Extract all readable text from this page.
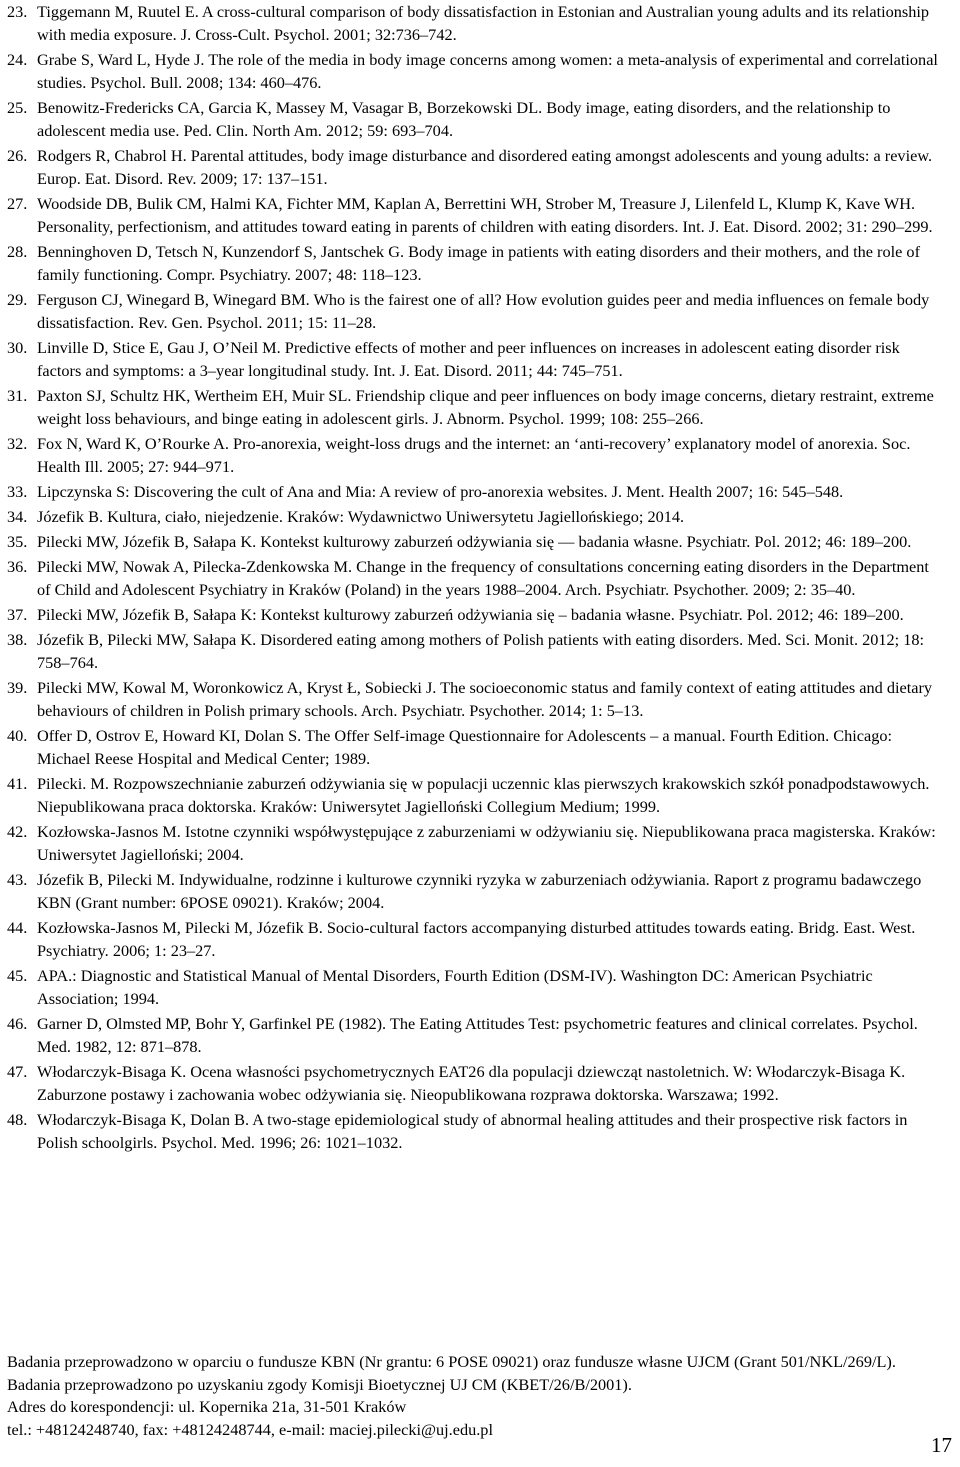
23. Tiggemann M, Ruutel E. A cross-cultural comparison of body dissatisfaction in Estonian and Australian young adults and its relationship with media exposure. J. Cross-Cult. Psychol. 2001; 32:736–742.
24. Grabe S, Ward L, Hyde J. The role of the media in body image concerns among women: a meta-analysis of experimental and correlational studies. Psychol. Bull. 2008; 134: 460–476.
25. Benowitz-Fredericks CA, Garcia K, Massey M, Vasagar B, Borzekowski DL. Body image, eating disorders, and the relationship to adolescent media use. Ped. Clin. North Am. 2012; 59: 693–704.
26. Rodgers R, Chabrol H. Parental attitudes, body image disturbance and disordered eating amongst adolescents and young adults: a review. Europ. Eat. Disord. Rev. 2009; 17: 137–151.
27. Woodside DB, Bulik CM, Halmi KA, Fichter MM, Kaplan A, Berrettini WH, Strober M, Treasure J, Lilenfeld L, Klump K, Kave WH. Personality, perfectionism, and attitudes toward eating in parents of children with eating disorders. Int. J. Eat. Disord. 2002; 31: 290–299.
28. Benninghoven D, Tetsch N, Kunzendorf S, Jantschek G. Body image in patients with eating disorders and their mothers, and the role of family functioning. Compr. Psychiatry. 2007; 48: 118–123.
29. Ferguson CJ, Winegard B, Winegard BM. Who is the fairest one of all? How evolution guides peer and media influences on female body dissatisfaction. Rev. Gen. Psychol. 2011; 15: 11–28.
30. Linville D, Stice E, Gau J, O’Neil M. Predictive effects of mother and peer influences on increases in adolescent eating disorder risk factors and symptoms: a 3–year longitudinal study. Int. J. Eat. Disord. 2011; 44: 745–751.
31. Paxton SJ, Schultz HK, Wertheim EH, Muir SL. Friendship clique and peer influences on body image concerns, dietary restraint, extreme weight loss behaviours, and binge eating in adolescent girls. J. Abnorm. Psychol. 1999; 108: 255–266.
32. Fox N, Ward K, O’Rourke A. Pro-anorexia, weight-loss drugs and the internet: an ‘anti-recovery’ explanatory model of anorexia. Soc. Health Ill. 2005; 27: 944–971.
33. Lipczynska S: Discovering the cult of Ana and Mia: A review of pro-anorexia websites. J. Ment. Health 2007; 16: 545–548.
34. Józefik B. Kultura, ciało, niejedzenie. Kraków: Wydawnictwo Uniwersytetu Jagiellońskiego; 2014.
35. Pilecki MW, Józefik B, Sałapa K. Kontekst kulturowy zaburzeń odżywiania się — badania własne. Psychiatr. Pol. 2012; 46: 189–200.
36. Pilecki MW, Nowak A, Pilecka-Zdenkowska M. Change in the frequency of consultations concerning eating disorders in the Department of Child and Adolescent Psychiatry in Kraków (Poland) in the years 1988–2004. Arch. Psychiatr. Psychother. 2009; 2: 35–40.
37. Pilecki MW, Józefik B, Sałapa K: Kontekst kulturowy zaburzeń odżywiania się – badania własne. Psychiatr. Pol. 2012; 46: 189–200.
38. Józefik B, Pilecki MW, Sałapa K. Disordered eating among mothers of Polish patients with eating disorders. Med. Sci. Monit. 2012; 18: 758–764.
39. Pilecki MW, Kowal M, Woronkowicz A, Kryst Ł, Sobiecki J. The socioeconomic status and family context of eating attitudes and dietary behaviours of children in Polish primary schools. Arch. Psychiatr. Psychother. 2014; 1: 5–13.
40. Offer D, Ostrov E, Howard KI, Dolan S. The Offer Self-image Questionnaire for Adolescents – a manual. Fourth Edition. Chicago: Michael Reese Hospital and Medical Center; 1989.
41. Pilecki. M. Rozpowszechnianie zaburzeń odżywiania się w populacji uczennic klas pierwszych krakowskich szkół ponadpodstawowych. Niepublikowana praca doktorska. Kraków: Uniwersytet Jagielloński Collegium Medium; 1999.
42. Kozłowska-Jasnos M. Istotne czynniki współwystępujące z zaburzeniami w odżywianiu się. Niepublikowana praca magisterska. Kraków: Uniwersytet Jagielloński; 2004.
43. Józefik B, Pilecki M. Indywidualne, rodzinne i kulturowe czynniki ryzyka w zaburzeniach odżywiania. Raport z programu badawczego KBN (Grant number: 6POSE 09021). Kraków; 2004.
44. Kozłowska-Jasnos M, Pilecki M, Józefik B. Socio-cultural factors accompanying disturbed attitudes towards eating. Bridg. East. West. Psychiatry. 2006; 1: 23–27.
45. APA.: Diagnostic and Statistical Manual of Mental Disorders, Fourth Edition (DSM-IV). Washington DC: American Psychiatric Association; 1994.
46. Garner D, Olmsted MP, Bohr Y, Garfinkel PE (1982). The Eating Attitudes Test: psychometric features and clinical correlates. Psychol. Med. 1982, 12: 871–878.
47. Włodarczyk-Bisaga K. Ocena własności psychometrycznych EAT26 dla populacji dziewcząt nastoletnich. W: Włodarczyk-Bisaga K. Zaburzone postawy i zachowania wobec odżywiania się. Nieopublikowana rozprawa doktorska. Warszawa; 1992.
48. Włodarczyk-Bisaga K, Dolan B. A two-stage epidemiological study of abnormal healing attitudes and their prospective risk factors in Polish schoolgirls. Psychol. Med. 1996; 26: 1021–1032.

Badania przeprowadzono w oparciu o fundusze KBN (Nr grantu: 6 POSE 09021) oraz fundusze własne UJCM (Grant 501/NKL/269/L). Badania przeprowadzono po uzyskaniu zgody Komisji Bioetycznej UJ CM (KBET/26/B/2001).

Adres do korespondencji: ul. Kopernika 21a, 31-501 Kraków

tel.: +48124248740, fax: +48124248744, e-mail: maciej.pilecki@uj.edu.pl

17
